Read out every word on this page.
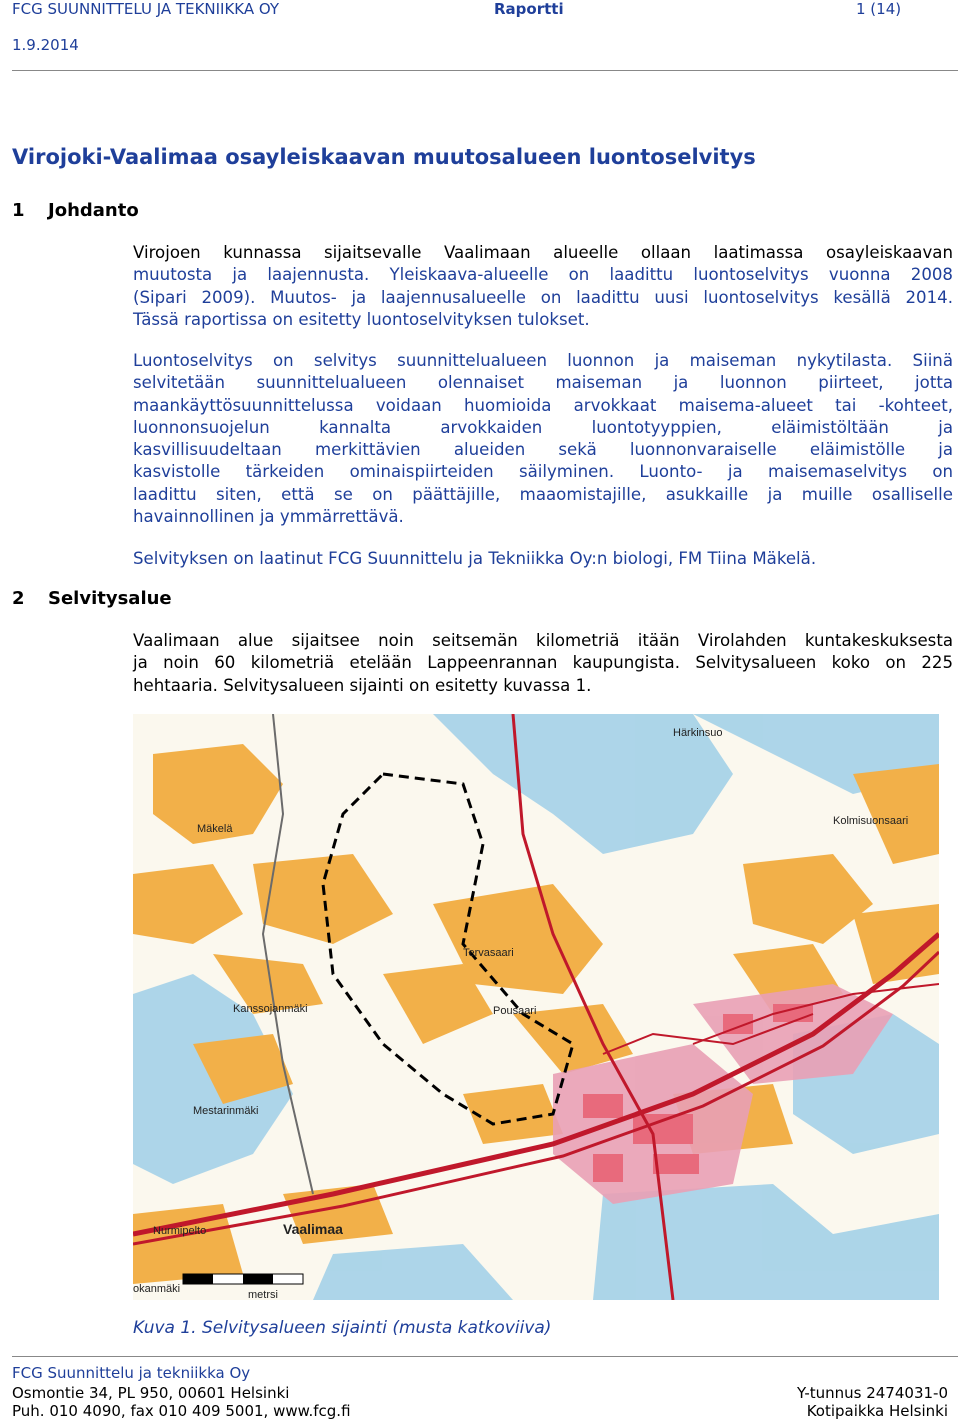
FCG SUUNNITTELU JA TEKNIIKKA OY	Raportti	1 (14)
1.9.2014
Virojoki-Vaalimaa osayleiskaavan muutosalueen luontoselvitys
1 Johdanto
Virojoen kunnassa sijaitsevalle Vaalimaan alueelle ollaan laatimassa osayleiskaavan
muutosta ja laajennusta. Yleiskaava-alueelle on laadittu luontoselvitys vuonna 2008
(Sipari 2009). Muutos- ja laajennusalueelle on laadittu uusi luontoselvitys kesällä 2014.
Tässä raportissa on esitetty luontoselvityksen tulokset.
Luontoselvitys on selvitys suunnittelualueen luonnon ja maiseman nykytilasta. Siinä
selvitetään suunnittelualueen olennaiset maiseman ja luonnon piirteet, jotta
maankäyttösuunnittelussa voidaan huomioida arvokkaat maisema-alueet tai -kohteet,
luonnonsuojelun kannalta arvokkaiden luontotyyppien, eläimistöltään ja
kasvillisuudeltaan merkittävien alueiden sekä luonnonvaraiselle eläimistölle ja
kasvistolle tärkeiden ominaispiirteiden säilyminen. Luonto- ja maisemaselvitys on
laadittu siten, että se on päättäjille, maaomistajille, asukkaille ja muille osalliselle
havainnollinen ja ymmärrettävä.
Selvityksen on laatinut FCG Suunnittelu ja Tekniikka Oy:n biologi, FM Tiina Mäkelä.
2 Selvitysalue
Vaalimaan alue sijaitsee noin seitsemän kilometriä itään Virolahden kuntakeskuksesta
ja noin 60 kilometriä etelään Lappeenrannan kaupungista. Selvitysalueen koko on 225
hehtaaria. Selvitysalueen sijainti on esitetty kuvassa 1.
Härkinsuo
Mäkelä
Kanssojanmäki
Tervasaari
Vaalimaa
Mestarinmäki
Nurmipelto
okanmäki
Kolmisuonsaari
Pousaari
metrsi
Kuva 1. Selvitysalueen sijainti (musta katkoviiva)
FCG Suunnittelu ja tekniikka Oy
Osmontie 34, PL 950, 00601 Helsinki
Puh. 010 4090, fax 010 409 5001, www.fcg.fi
Y-tunnus 2474031-0
Kotipaikka Helsinki
